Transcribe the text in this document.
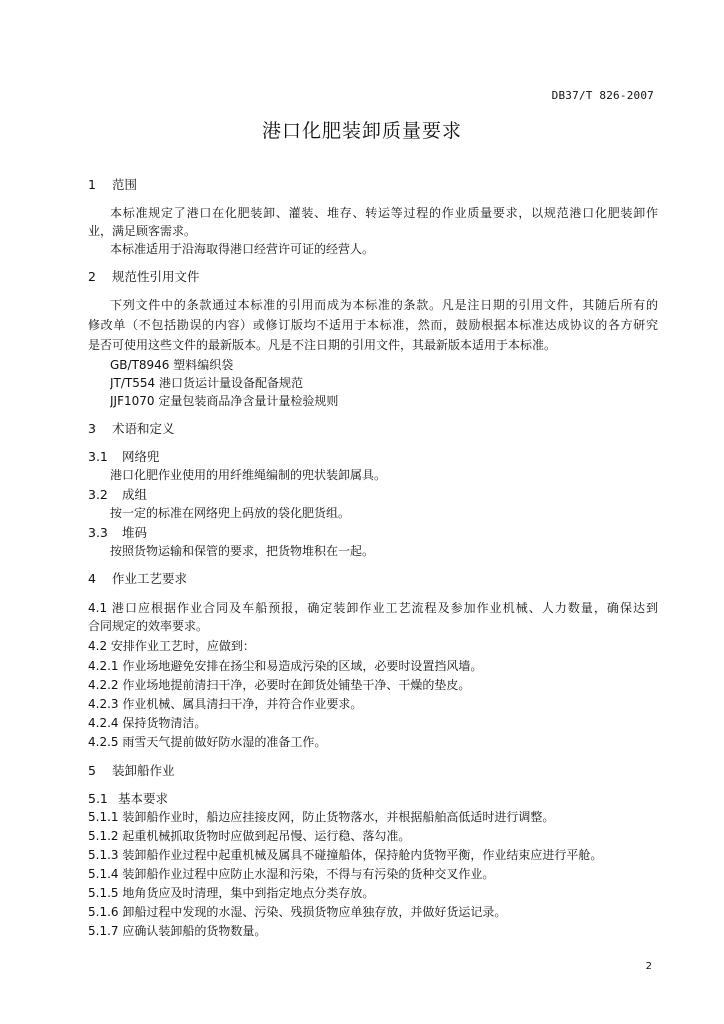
DB37/T 826-2007
港口化肥装卸质量要求
1 范围
本标准规定了港口在化肥装卸、灌装、堆存、转运等过程的作业质量要求，以规范港口化肥装卸作
业，满足顾客需求。
本标准适用于沿海取得港口经营许可证的经营人。
2 规范性引用文件
下列文件中的条款通过本标准的引用而成为本标准的条款。凡是注日期的引用文件，其随后所有的
修改单（不包括勘误的内容）或修订版均不适用于本标准，然而，鼓励根据本标准达成协议的各方研究
是否可使用这些文件的最新版本。凡是不注日期的引用文件，其最新版本适用于本标准。
GB/T8946 塑料编织袋
JT/T554 港口货运计量设备配备规范
JJF1070 定量包装商品净含量计量检验规则
3 术语和定义
3.1 网络兜
港口化肥作业使用的用纤维绳编制的兜状装卸属具。
3.2 成组
按一定的标准在网络兜上码放的袋化肥货组。
3.3 堆码
按照货物运输和保管的要求，把货物堆积在一起。
4 作业工艺要求
4.1 港口应根据作业合同及车船预报，确定装卸作业工艺流程及参加作业机械、人力数量，确保达到
合同规定的效率要求。
4.2 安排作业工艺时，应做到：
4.2.1 作业场地避免安排在扬尘和易造成污染的区域，必要时设置挡风墙。
4.2.2 作业场地提前清扫干净，必要时在卸货处铺垫干净、干燥的垫皮。
4.2.3 作业机械、属具清扫干净，并符合作业要求。
4.2.4 保持货物清洁。
4.2.5 雨雪天气提前做好防水湿的准备工作。
5 装卸船作业
5.1 基本要求
5.1.1 装卸船作业时，船边应挂接皮网，防止货物落水，并根据船舶高低适时进行调整。
5.1.2 起重机械抓取货物时应做到起吊慢、运行稳、落勾准。
5.1.3 装卸船作业过程中起重机械及属具不碰撞船体，保持舱内货物平衡，作业结束应进行平舱。
5.1.4 装卸船作业过程中应防止水湿和污染，不得与有污染的货种交叉作业。
5.1.5 地角货应及时清理，集中到指定地点分类存放。
5.1.6 卸船过程中发现的水湿、污染、残损货物应单独存放，并做好货运记录。
5.1.7 应确认装卸船的货物数量。
2
